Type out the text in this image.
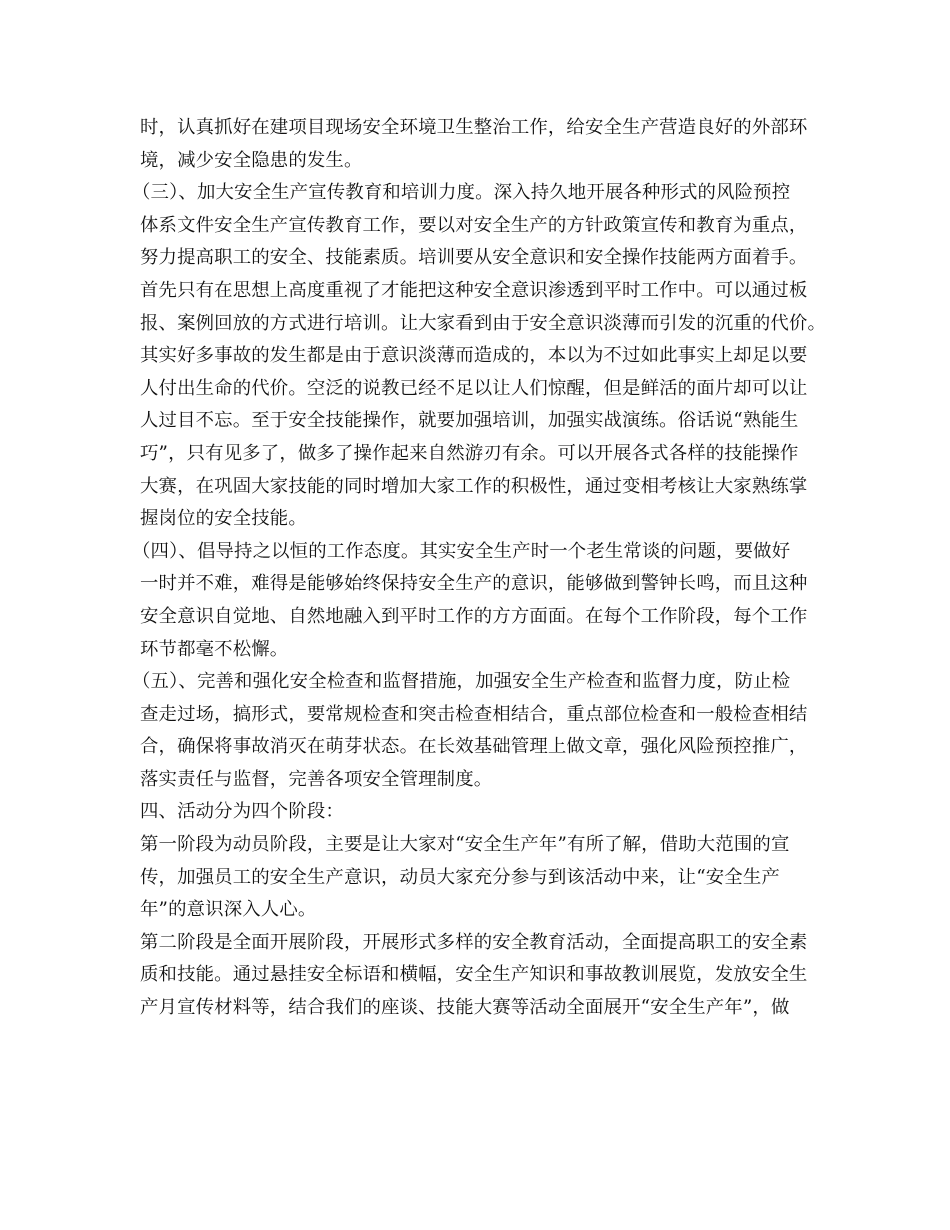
时，认真抓好在建项目现场安全环境卫生整治工作，给安全生产营造良好的外部环
境，减少安全隐患的发生。
（三）、加大安全生产宣传教育和培训力度。深入持久地开展各种形式的风险预控
体系文件安全生产宣传教育工作，要以对安全生产的方针政策宣传和教育为重点，
努力提高职工的安全、技能素质。培训要从安全意识和安全操作技能两方面着手。
首先只有在思想上高度重视了才能把这种安全意识渗透到平时工作中。可以通过板
报、案例回放的方式进行培训。让大家看到由于安全意识淡薄而引发的沉重的代价。
其实好多事故的发生都是由于意识淡薄而造成的，本以为不过如此事实上却足以要
人付出生命的代价。空泛的说教已经不足以让人们惊醒，但是鲜活的面片却可以让
人过目不忘。至于安全技能操作，就要加强培训，加强实战演练。俗话说“熟能生
巧”，只有见多了，做多了操作起来自然游刃有余。可以开展各式各样的技能操作
大赛，在巩固大家技能的同时增加大家工作的积极性，通过变相考核让大家熟练掌
握岗位的安全技能。
（四）、倡导持之以恒的工作态度。其实安全生产时一个老生常谈的问题，要做好
一时并不难，难得是能够始终保持安全生产的意识，能够做到警钟长鸣，而且这种
安全意识自觉地、自然地融入到平时工作的方方面面。在每个工作阶段，每个工作
环节都毫不松懈。
（五）、完善和强化安全检查和监督措施，加强安全生产检查和监督力度，防止检
查走过场，搞形式，要常规检查和突击检查相结合，重点部位检查和一般检查相结
合，确保将事故消灭在萌芽状态。在长效基础管理上做文章，强化风险预控推广，
落实责任与监督，完善各项安全管理制度。
四、活动分为四个阶段：
第一阶段为动员阶段，主要是让大家对“安全生产年”有所了解，借助大范围的宣
传，加强员工的安全生产意识，动员大家充分参与到该活动中来，让“安全生产
年”的意识深入人心。
第二阶段是全面开展阶段，开展形式多样的安全教育活动，全面提高职工的安全素
质和技能。通过悬挂安全标语和横幅，安全生产知识和事故教训展览，发放安全生
产月宣传材料等，结合我们的座谈、技能大赛等活动全面展开“安全生产年”，做
